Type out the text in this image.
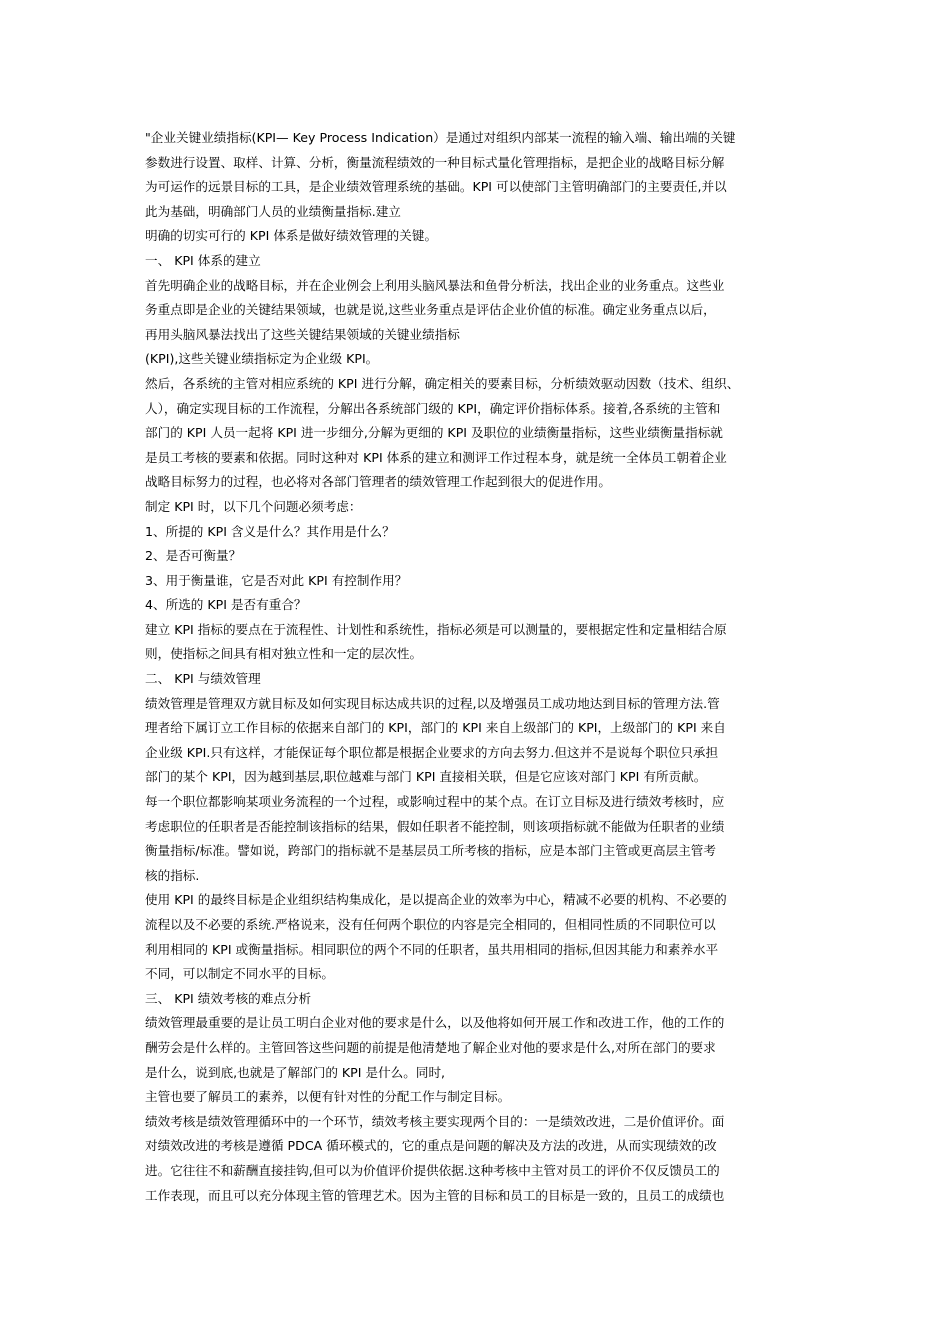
"企业关键业绩指标(KPI— Key Process Indication）是通过对组织内部某一流程的输入端、输出端的关键

参数进行设置、取样、计算、分析，衡量流程绩效的一种目标式量化管理指标，是把企业的战略目标分解

为可运作的远景目标的工具，是企业绩效管理系统的基础。KPI 可以使部门主管明确部门的主要责任,并以

此为基础，明确部门人员的业绩衡量指标.建立

明确的切实可行的 KPI 体系是做好绩效管理的关键。

一、 KPI 体系的建立

首先明确企业的战略目标，并在企业例会上利用头脑风暴法和鱼骨分析法，找出企业的业务重点。这些业

务重点即是企业的关键结果领域，也就是说,这些业务重点是评估企业价值的标准。确定业务重点以后，

再用头脑风暴法找出了这些关键结果领域的关键业绩指标

(KPI),这些关键业绩指标定为企业级 KPI。

然后，各系统的主管对相应系统的 KPI 进行分解，确定相关的要素目标，分析绩效驱动因数（技术、组织、

人），确定实现目标的工作流程，分解出各系统部门级的 KPI，确定评价指标体系。接着,各系统的主管和

部门的 KPI 人员一起将 KPI 进一步细分,分解为更细的 KPI 及职位的业绩衡量指标，这些业绩衡量指标就

是员工考核的要素和依据。同时这种对 KPI 体系的建立和测评工作过程本身，就是统一全体员工朝着企业

战略目标努力的过程，也必将对各部门管理者的绩效管理工作起到很大的促进作用。

制定 KPI 时，以下几个问题必须考虑：

1、所提的 KPI 含义是什么？其作用是什么？

2、是否可衡量？

3、用于衡量谁，它是否对此 KPI 有控制作用？

4、所选的 KPI 是否有重合？

建立 KPI 指标的要点在于流程性、计划性和系统性，指标必须是可以测量的，要根据定性和定量相结合原

则，使指标之间具有相对独立性和一定的层次性。

二、 KPI 与绩效管理

绩效管理是管理双方就目标及如何实现目标达成共识的过程,以及增强员工成功地达到目标的管理方法.管

理者给下属订立工作目标的依据来自部门的 KPI，部门的 KPI 来自上级部门的 KPI，上级部门的 KPI 来自

企业级 KPI.只有这样，才能保证每个职位都是根据企业要求的方向去努力.但这并不是说每个职位只承担

部门的某个 KPI，因为越到基层,职位越难与部门 KPI 直接相关联，但是它应该对部门 KPI 有所贡献。

每一个职位都影响某项业务流程的一个过程，或影响过程中的某个点。在订立目标及进行绩效考核时，应

考虑职位的任职者是否能控制该指标的结果，假如任职者不能控制，则该项指标就不能做为任职者的业绩

衡量指标/标准。譬如说，跨部门的指标就不是基层员工所考核的指标，应是本部门主管或更高层主管考

核的指标.

使用 KPI 的最终目标是企业组织结构集成化，是以提高企业的效率为中心，精减不必要的机构、不必要的

流程以及不必要的系统.严格说来，没有任何两个职位的内容是完全相同的，但相同性质的不同职位可以

利用相同的 KPI 或衡量指标。相同职位的两个不同的任职者，虽共用相同的指标,但因其能力和素养水平

不同，可以制定不同水平的目标。

三、 KPI 绩效考核的难点分析

绩效管理最重要的是让员工明白企业对他的要求是什么，以及他将如何开展工作和改进工作，他的工作的

酬劳会是什么样的。主管回答这些问题的前提是他清楚地了解企业对他的要求是什么,对所在部门的要求

是什么，说到底,也就是了解部门的 KPI 是什么。同时,

主管也要了解员工的素养，以便有针对性的分配工作与制定目标。

绩效考核是绩效管理循环中的一个环节，绩效考核主要实现两个目的：一是绩效改进，二是价值评价。面

对绩效改进的考核是遵循 PDCA 循环模式的，它的重点是问题的解决及方法的改进，从而实现绩效的改

进。它往往不和薪酬直接挂钩,但可以为价值评价提供依据.这种考核中主管对员工的评价不仅反馈员工的

工作表现，而且可以充分体现主管的管理艺术。因为主管的目标和员工的目标是一致的，且员工的成绩也
